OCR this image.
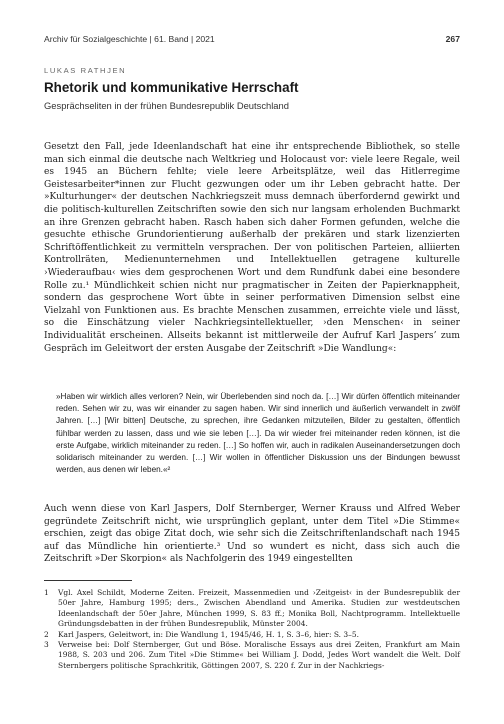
Archiv für Sozialgeschichte | 61. Band | 2021	267
LUKAS RATHJEN
Rhetorik und kommunikative Herrschaft
Gesprächseliten in der frühen Bundesrepublik Deutschland

Gesetzt den Fall, jede Ideenlandschaft hat eine ihr entsprechende Bibliothek, so stelle man sich einmal die deutsche nach Weltkrieg und Holocaust vor: viele leere Regale, weil es 1945 an Büchern fehlte; viele leere Arbeitsplätze, weil das Hitlerregime Geistesarbeiter*innen zur Flucht gezwungen oder um ihr Leben gebracht hatte. Der »Kulturhunger« der deutschen Nachkriegszeit muss demnach überfordernd gewirkt und die politisch-kulturellen Zeitschriften sowie den sich nur langsam erholenden Buchmarkt an ihre Grenzen gebracht haben. Rasch haben sich daher Formen gefunden, welche die gesuchte ethische Grundorientierung außerhalb der prekären und stark lizenzierten Schriftöffentlichkeit zu vermitteln versprachen. Der von politischen Parteien, alliierten Kontrollräten, Medienunternehmen und Intellektuellen getragene kulturelle ›Wiederaufbau‹ wies dem gesprochenen Wort und dem Rundfunk dabei eine besondere Rolle zu.¹ Mündlichkeit schien nicht nur pragmatischer in Zeiten der Papierknappheit, sondern das gesprochene Wort übte in seiner performativen Dimension selbst eine Vielzahl von Funktionen aus. Es brachte Menschen zusammen, erreichte viele und lässt, so die Einschätzung vieler Nachkriegsintellektueller, ›den Menschen‹ in seiner Individualität erscheinen. Allseits bekannt ist mittlerweile der Aufruf Karl Jaspers’ zum Gespräch im Geleitwort der ersten Ausgabe der Zeitschrift »Die Wandlung«:

»Haben wir wirklich alles verloren? Nein, wir Überlebenden sind noch da. […] Wir dürfen öffentlich miteinander reden. Sehen wir zu, was wir einander zu sagen haben. Wir sind innerlich und äußerlich verwandelt in zwölf Jahren. […] [Wir bitten] Deutsche, zu sprechen, ihre Gedanken mitzuteilen, Bilder zu gestalten, öffentlich fühlbar werden zu lassen, dass und wie sie leben […]. Da wir wieder frei miteinander reden können, ist die erste Aufgabe, wirklich miteinander zu reden. […] So hoffen wir, auch in radikalen Auseinandersetzungen doch solidarisch miteinander zu werden. […] Wir wollen in öffentlicher Diskussion uns der Bindungen bewusst werden, aus denen wir leben.«²

Auch wenn diese von Karl Jaspers, Dolf Sternberger, Werner Krauss und Alfred Weber gegründete Zeitschrift nicht, wie ursprünglich geplant, unter dem Titel »Die Stimme« erschien, zeigt das obige Zitat doch, wie sehr sich die Zeitschriftenlandschaft nach 1945 auf das Mündliche hin orientierte.³ Und so wundert es nicht, dass sich auch die Zeitschrift »Der Skorpion« als Nachfolgerin des 1949 eingestellten

1	Vgl. Axel Schildt, Moderne Zeiten. Freizeit, Massenmedien und ›Zeitgeist‹ in der Bundesrepublik der 50er Jahre, Hamburg 1995; ders., Zwischen Abendland und Amerika. Studien zur westdeutschen Ideenlandschaft der 50er Jahre, München 1999, S. 83 ff.; Monika Boll, Nachtprogramm. Intellektuelle Gründungsdebatten in der frühen Bundesrepublik, Münster 2004.
2	Karl Jaspers, Geleitwort, in: Die Wandlung 1, 1945/46, H. 1, S. 3–6, hier: S. 3–5.
3	Verweise bei: Dolf Sternberger, Gut und Böse. Moralische Essays aus drei Zeiten, Frankfurt am Main 1988, S. 203 und 206. Zum Titel »Die Stimme« bei William J. Dodd, Jedes Wort wandelt die Welt. Dolf Sternbergers politische Sprachkritik, Göttingen 2007, S. 220 f. Zur in der Nachkriegs-
